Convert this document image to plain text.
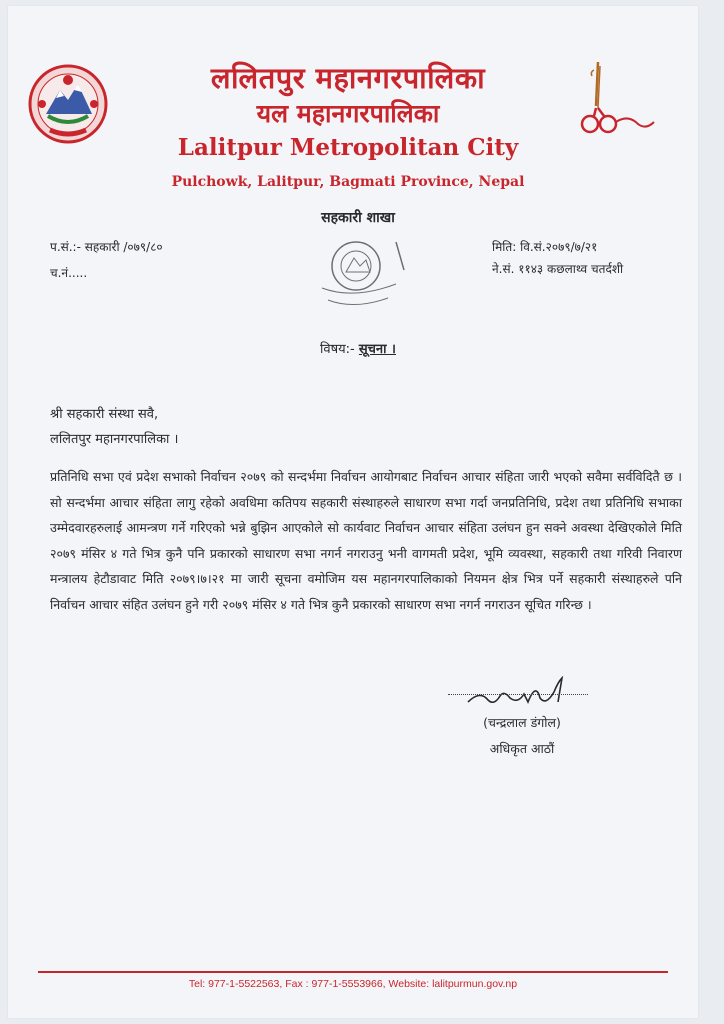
ललितपुर महानगरपालिका
यल महानगरपालिका
Lalitpur Metropolitan City
Pulchowk, Lalitpur, Bagmati Province, Nepal
सहकारी शाखा
प.सं.:- सहकारी /०७९/८०
च.नं.....
मिति: वि.सं.२०७९/७/२१
ने.सं. ११४३ कछलाथ्व चतर्दशी
विषय:- सूचना ।
श्री सहकारी संस्था सवै,
ललितपुर महानगरपालिका ।
प्रतिनिधि सभा एवं प्रदेश सभाको निर्वाचन २०७९ को सन्दर्भमा निर्वाचन आयोगबाट निर्वाचन आचार संहिता जारी भएको सवैमा सर्वविदितै छ । सो सन्दर्भमा आचार संहिता लागु रहेको अवधिमा कतिपय सहकारी संस्थाहरुले साधारण सभा गर्दा जनप्रतिनिधि, प्रदेश तथा प्रतिनिधि सभाका उम्मेदवारहरुलाई आमन्त्रण गर्ने गरिएको भन्ने बुझिन आएकोले सो कार्यवाट निर्वाचन आचार संहिता उलंघन हुन सक्ने अवस्था देखिएकोले मिति २०७९ मंसिर ४ गते भित्र कुनै पनि प्रकारको साधारण सभा नगर्न नगराउनु भनी वागमती प्रदेश, भूमि व्यवस्था, सहकारी तथा गरिवी निवारण मन्त्रालय हेटौडावाट मिति २०७९।७।२१ मा जारी सूचना वमोजिम यस महानगरपालिकाको नियमन क्षेत्र भित्र पर्ने सहकारी संस्थाहरुले पनि निर्वाचन आचार संहित उलंघन हुने गरी २०७९ मंसिर ४ गते भित्र कुनै प्रकारको साधारण सभा नगर्न नगराउन सूचित गरिन्छ ।
(चन्द्रलाल डंगोल)
अधिकृत आठौं
Tel: 977-1-5522563, Fax : 977-1-5553966, Website: lalitpurmun.gov.np
